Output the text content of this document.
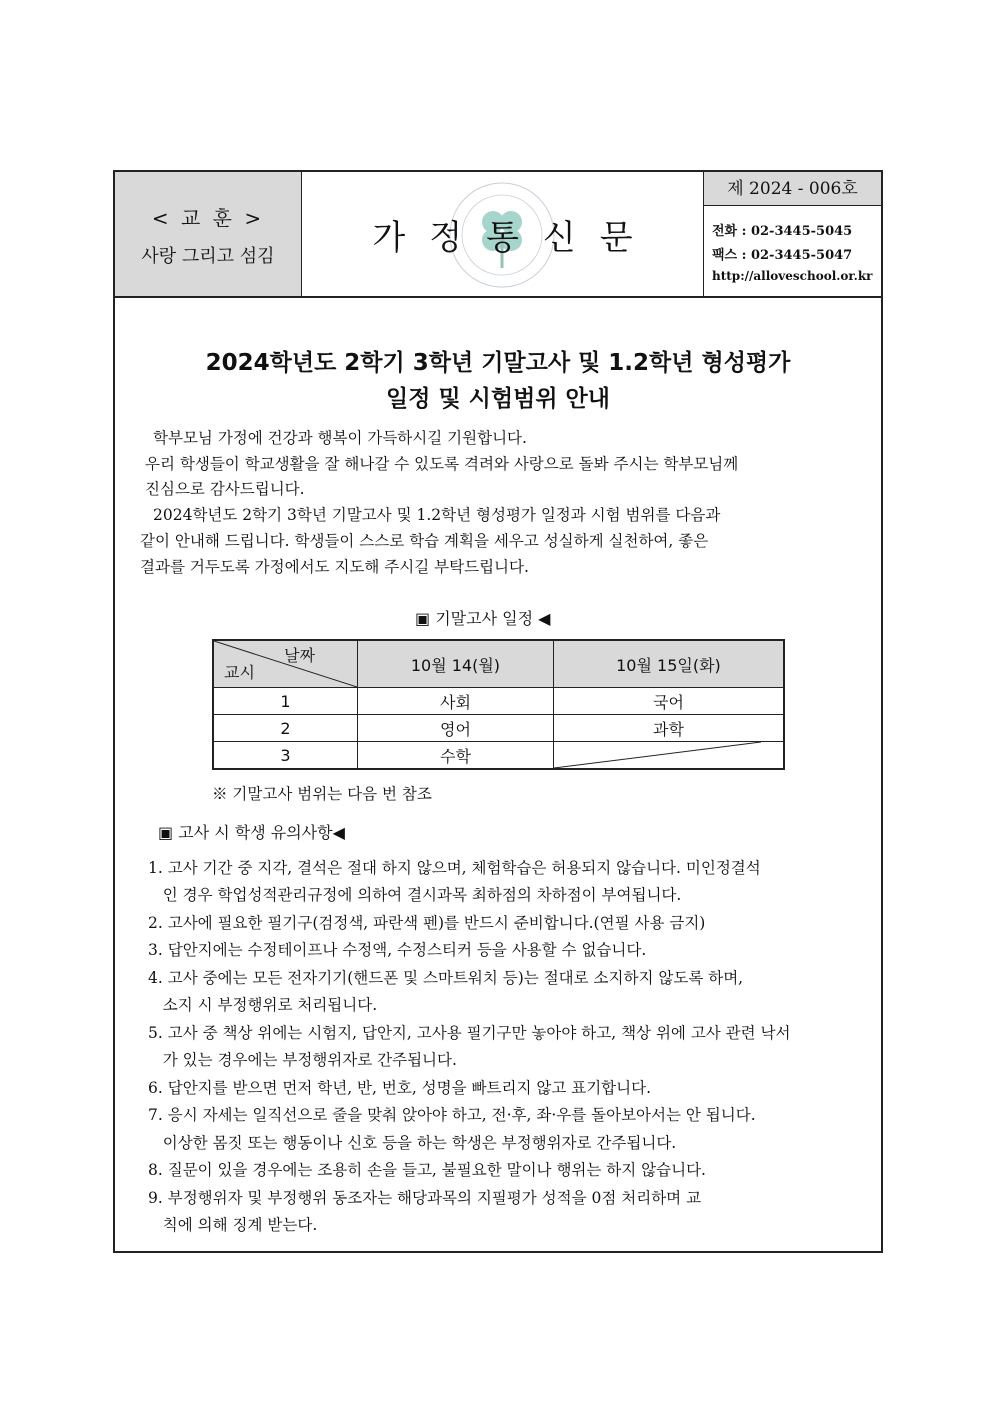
< 교 훈 >
사랑 그리고 섬김	가정통신문
제 2024 - 006호
전화 : 02-3445-5045
팩스 : 02-3445-5047
http://alloveschool.or.kr
2024학년도 2학기 3학년 기말고사 및 1.2학년 형성평가
일정 및 시험범위 안내
학부모님 가정에 건강과 행복이 가득하시길 기원합니다.
우리 학생들이 학교생활을 잘 해나갈 수 있도록 격려와 사랑으로 돌봐 주시는 학부모님께
진심으로 감사드립니다.
2024학년도 2학기 3학년 기말고사 및 1.2학년 형성평가 일정과 시험 범위를 다음과
같이 안내해 드립니다. 학생들이 스스로 학습 계획을 세우고 성실하게 실천하여, 좋은
결과를 거두도록 가정에서도 지도해 주시길 부탁드립니다.
▣ 기말고사 일정 ◀
날짜
교시	10월 14(월)	10월 15일(화)
1	사회	국어
2	영어	과학
3	수학	
※ 기말고사 범위는 다음 번 참조
▣ 고사 시 학생 유의사항◀
1. 고사 기간 중 지각, 결석은 절대 하지 않으며, 체험학습은 허용되지 않습니다. 미인정결석
인 경우 학업성적관리규정에 의하여 결시과목 최하점의 차하점이 부여됩니다.
2. 고사에 필요한 필기구(검정색, 파란색 펜)를 반드시 준비합니다.(연필 사용 금지)
3. 답안지에는 수정테이프나 수정액, 수정스티커 등을 사용할 수 없습니다.
4. 고사 중에는 모든 전자기기(핸드폰 및 스마트워치 등)는 절대로 소지하지 않도록 하며,
소지 시 부정행위로 처리됩니다.
5. 고사 중 책상 위에는 시험지, 답안지, 고사용 필기구만 놓아야 하고, 책상 위에 고사 관련 낙서
가 있는 경우에는 부정행위자로 간주됩니다.
6. 답안지를 받으면 먼저 학년, 반, 번호, 성명을 빠트리지 않고 표기합니다.
7. 응시 자세는 일직선으로 줄을 맞춰 앉아야 하고, 전·후, 좌·우를 돌아보아서는 안 됩니다.
이상한 몸짓 또는 행동이나 신호 등을 하는 학생은 부정행위자로 간주됩니다.
8. 질문이 있을 경우에는 조용히 손을 들고, 불필요한 말이나 행위는 하지 않습니다.
9. 부정행위자 및 부정행위 동조자는 해당과목의 지필평가 성적을 0점 처리하며 교
칙에 의해 징계 받는다.
